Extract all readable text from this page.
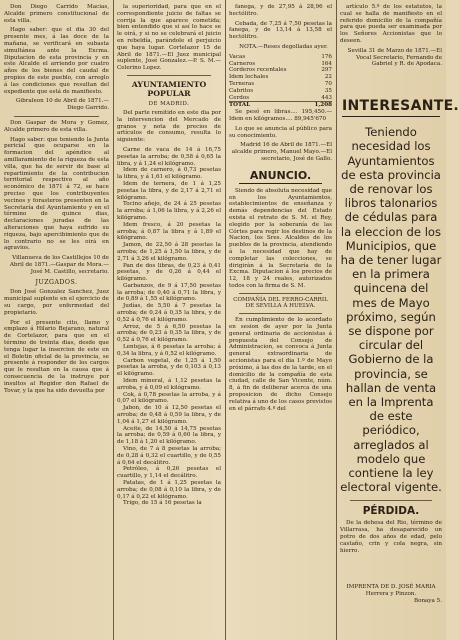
Don Diego Carrido Macias, Alcalde primero constitucional de esta villa.

Hago saber: que el dia 30 del presente mes, á las doce de la mañana, se verificará en subasta simultánea ante la Excma. Diputacion de esta provincia y en este Alcalde el arriendo por cuatro años de los bienes del caudal de propios de este pueblo, con arreglo á las condiciones que resultan del expediente que está de manifiesto.

Gibraleon 10 de Abril de 1871.—Diego Garrido.

Don Gaspar de Mora y Gomez, Alcalde primero de esta villa.

Hago saber: que teniendo la Junta pericial que ocuparse en la formacion del apéndice al amillaramiento de la riqueza de esta villa, que ha de servir de base al repartimiento de la contribucion territorial respectivo al año económico de 1871 á 72, se hace preciso que los contribuyentes vecinos y forasteros presenten en la Secretaría del Ayuntamiento y en el término de quince dias, declaraciones juradas de las alteraciones que haya sufrido su riqueza, bajo apercibimiento que de lo contrario no se les oirá en agravios.

Villanueva de los Castillejos 10 de Abril de 1871.—Gaspar de Mora.—José M. Castillo, secretario.
JUZGADOS.

Don José Gonzalez Sanchez, Juez municipal suplente en el ejercicio de su cargo, por enfermedad del propietario.

Por el presente cito, llamo y emplazo á Hilario Bejarano, natural de Cortelazor, para que en el término de treinta dias, desde que tenga lugar la insercion de este en el Boletin oficial de la provincia, se presente á responder de los cargos que le resultan en la causa que á consecuencia de la instruye por insultos al Regidor don Rafael de Tovar, y la que ha sido devuelta por

la superioridad, para que en el correspondiente juicio de faltas se corrija la que aparece cometida; bien entendido que si así lo hace se le oirá, y si no se celebrará el juicio en rebeldía, parándole el perjuicio que haya lugar. Cortelazor 15 de Abril de 1871.—El Juez municipal suplente, José Gonzalez.—P. S. M.—Celerino Lopez.

AYUNTAMIENTO POPULAR
DE MADRID.

Del parte remitido en este dia por la intervencion del Mercado de granos y nota de precios de artículos de consumo, resulta lo siguiente:

Carne de vaca de 14 á 16,75 pesetas la arroba; de 0,58 á 0,65 la libra, y á 1,24 el kilógramo.
Idem de carnero, á 0,73 pesetas la libra, y á 1,61 el kilógramo.
Idem de ternera, de 1 á 1,25 pesetas la libra, y de 2,17 á 2,71 el kilógramo.
Tocino añejo, de 24 á 25 pesetas la arroba; á 1,06 la libra, y á 2,26 el kilógramo.
Idem fresco, á 20 pesetas la arroba; á 0,87 la libra y á 1,89 el kilógramo.
Jamon, de 22,50 á 28 pesetas la arroba; de 1,25 á 1,50 la libra, y de 2,71 á 3,26 el kilógramo.
Pan de dos libras, de 0,23 á 0,41 pesetas, y de 0,26 á 0,44 el kilógramo.
Garbanzos, de 9 á 17,50 pesetas la arroba; de 0,40 á 0,71 la libra, y de 0,89 á 1,55 el kilógramo.
Judías, de 5,50 á 7 pesetas la arroba; de 0,24 á 0,35 la libra, y de 0,52 á 0,76 el kilógramo.
Arroz, de 5 á 6,50 pesetas la arroba; de 0,23 á 0,35 la libra, y de 0,52 á 0,76 el kilógramo.
Lentejas, á 6 pesetas la arroba; á 0,34 la libra, y á 0,52 el kilógramo.
Carbon vegetal, de 1,25 á 1,50 pesetas la arroba, y de 0,103 á 0,13 el kilógramo.
Idem mineral, á 1,12 pesetas la arroba, y á 0,09 el kilógramo.
Cok, á 0,78 pesetas la arroba, y á 0,07 el kilógramo.
Jabon, de 10 á 12,50 pesetas el arroba; de 0,48 á 0,59 la libra, y de 1,04 á 1,27 el kilógramo.
Aceite, de 14,50 á 14,75 pesetas la arroba; de 0,59 á 0,60 la libra, y de 1,18 á 1,20 el kilógramo.
Vino, de 7 á 8 pesetas la arroba; de 0,28 á 0,32 el cuartillo, y de 0,55 á 0,64 el decálitro.
Petróleo, á 0,26 pesetas el cuartillo, y 1,14 el decálitro.
Patatas, de 1 á 1,25 pesetas la arroba; de 0,08 á 0,10 la libra, y de 0,17 á 0,22 el kilógramo.
Trigo, de 15 á 16 pesetas la

fanega, y de 27,95 á 28,96 el hectólitro.

Cebada, de 7,25 á 7,50 pesetas la fanega, y de 13,14 á 13,58 el hectólitro.

NOTA.—Reses degolladas ayer.

Vacas	176
Carneros	164
Corderos recentales	297
Idem lechales	22
Terneras	70
Cabritos	35
Cerdos	443
TOTAL	1,208

Se pesó en libras.... 195,450.—Idem en kilógramos.... 89,945'670

Lo que se anuncia al público para su conocimiento.

Madrid 16 de Abril de 1871.—El alcalde primero, Manuel Mayo.—El secretario, José de Gallo.
ANUNCIO.

Siendo de absoluta necesidad que en los Ayuntamientos, establecimientos de enseñanza y demás dependencias del Estado exista el retrato de S. M. el Rey, elegido por la soberanía de las Córtes para regir los destinos de la Nacion, los Sres. Alcaldes de los pueblos de la provincia, atendiendo á la necesidad que hay de completar las colecciones, se dirigirán á la Secretaría de la Excma. Diputacion á los precios de 12, 18 y 24 reales, autorizados todos con la firma de S. M.

COMPAÑÍA DEL FERRO-CARRIL DE SEVILLA Á HUELVA.

En cumplimiento de lo acordado en sesion de ayer por la Junta general ordinaria de accionistas á propuesta del Consejo de Administracion, se convoca á Junta general extraordinaria de accionistas para el dia 1.º de Mayo próximo, á las dos de la tarde, en el domicilio de la compañía de esta ciudad, calle de San Vicente, núm. 8, á fin de deliberar acerca de una proposicion de dicho Consejo relativa á uno de los casos previstos en el párrafo 4.º del

artículo 5.º de los estatutos, la cual se halla de manifiesto en el referido domicilio de la compañía para que pueda ser examinada por los Señores Accionistas que lo deseen.

Sevilla 31 de Marzo de 1871.—El Vocal Secretario, Fernando de Gabriel y R. de Apodaca.
INTERESANTE.
Teniendo necesidad los Ayuntamientos de esta provincia de renovar los libros talonarios de cédulas para la eleccion de los Municipios, que ha de tener lugar en la primera quincena del mes de Mayo próximo, según se dispone por circular del Gobierno de la provincia, se hallan de venta en la Imprenta de este periódico, arreglados al modelo que contiene la ley electoral vigente.
PÉRDIDA.

De la dehesa del Rio, término de Villarrasa, ha desaparecido un potro de dos años de edad, pelo castaño, crin y cola negra, sin hierro.

IMPRENTA DE D. JOSÉ MARIA Herrera y Pinzon.
Bonaya 5.
